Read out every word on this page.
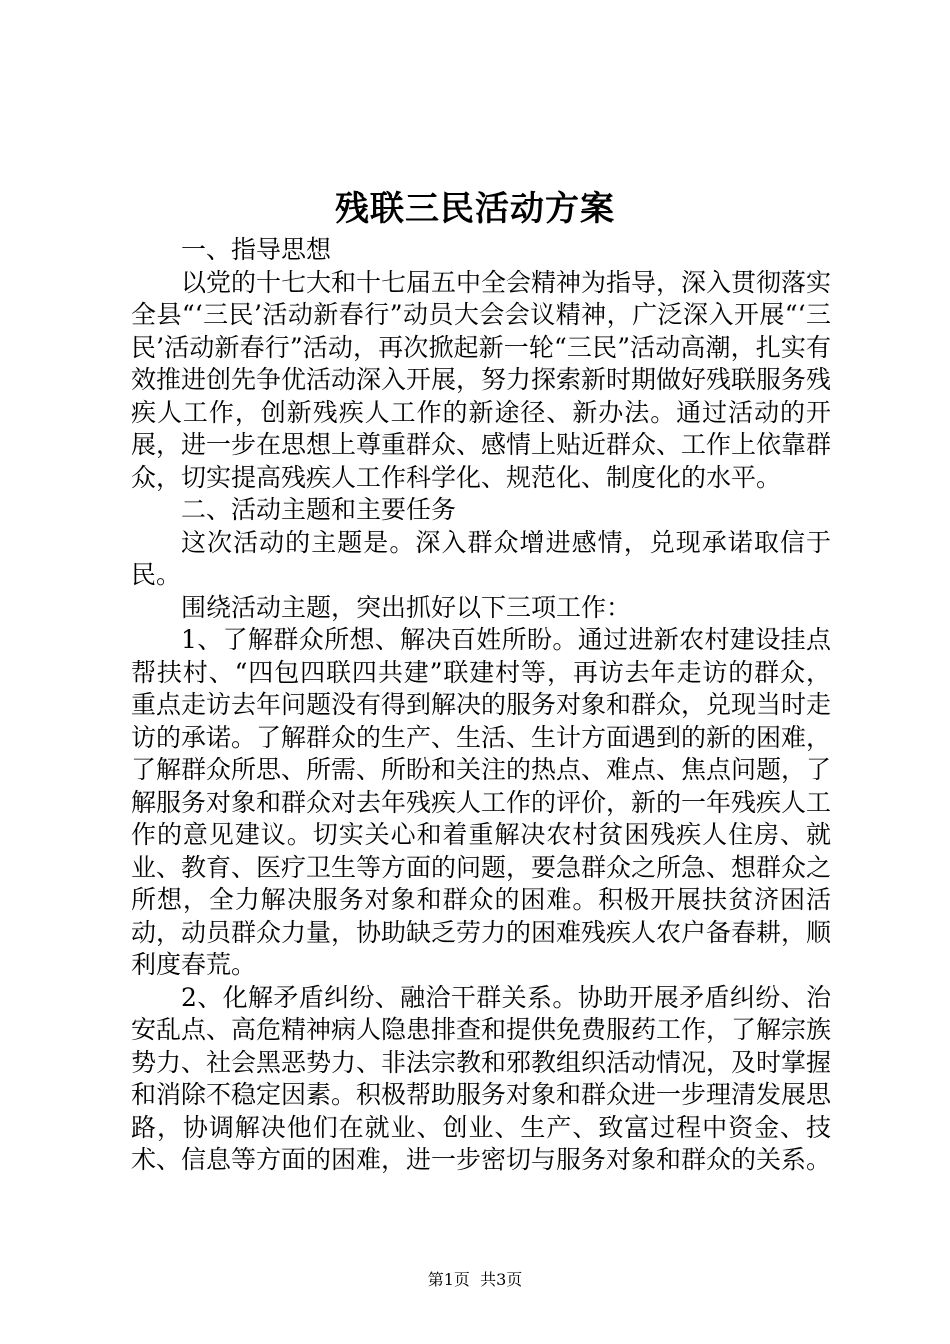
残联三民活动方案

一、指导思想

以党的十七大和十七届五中全会精神为指导，深入贯彻落实全县“‘三民’活动新春行”动员大会会议精神，广泛深入开展“‘三民’活动新春行”活动，再次掀起新一轮“三民”活动高潮，扎实有效推进创先争优活动深入开展，努力探索新时期做好残联服务残疾人工作，创新残疾人工作的新途径、新办法。通过活动的开展，进一步在思想上尊重群众、感情上贴近群众、工作上依靠群众，切实提高残疾人工作科学化、规范化、制度化的水平。

二、活动主题和主要任务

这次活动的主题是。深入群众增进感情，兑现承诺取信于民。

围绕活动主题，突出抓好以下三项工作：

1、了解群众所想、解决百姓所盼。通过进新农村建设挂点帮扶村、“四包四联四共建”联建村等，再访去年走访的群众，重点走访去年问题没有得到解决的服务对象和群众，兑现当时走访的承诺。了解群众的生产、生活、生计方面遇到的新的困难，了解群众所思、所需、所盼和关注的热点、难点、焦点问题，了解服务对象和群众对去年残疾人工作的评价，新的一年残疾人工作的意见建议。切实关心和着重解决农村贫困残疾人住房、就业、教育、医疗卫生等方面的问题，要急群众之所急、想群众之所想，全力解决服务对象和群众的困难。积极开展扶贫济困活动，动员群众力量，协助缺乏劳力的困难残疾人农户备春耕，顺利度春荒。

2、化解矛盾纠纷、融洽干群关系。协助开展矛盾纠纷、治安乱点、高危精神病人隐患排查和提供免费服药工作，了解宗族势力、社会黑恶势力、非法宗教和邪教组织活动情况，及时掌握和消除不稳定因素。积极帮助服务对象和群众进一步理清发展思路，协调解决他们在就业、创业、生产、致富过程中资金、技术、信息等方面的困难，进一步密切与服务对象和群众的关系。

第1页  共3页
